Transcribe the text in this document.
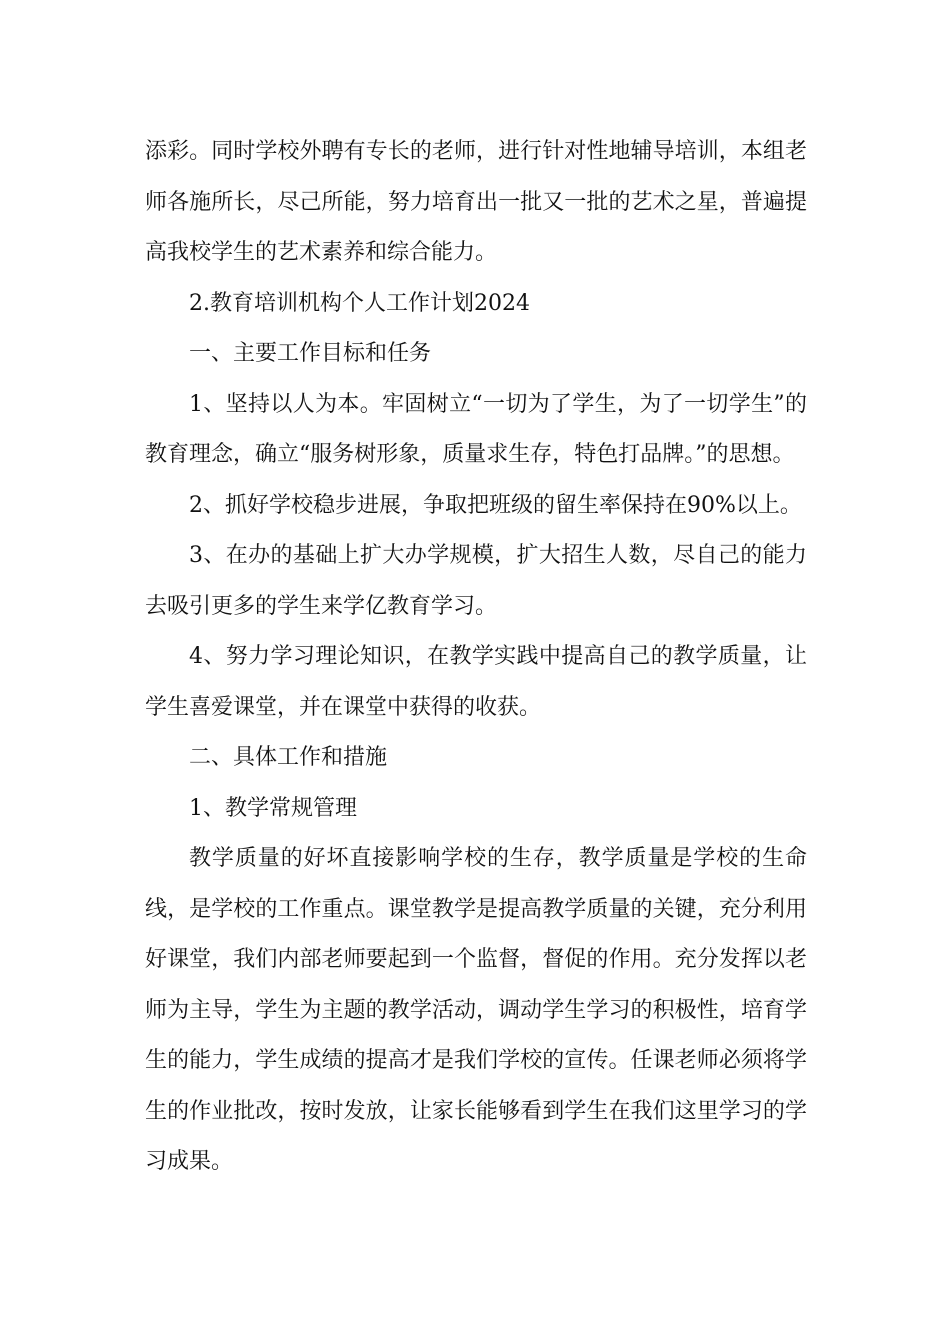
添彩。同时学校外聘有专长的老师，进行针对性地辅导培训，本组老师各施所长，尽己所能，努力培育出一批又一批的艺术之星，普遍提高我校学生的艺术素养和综合能力。

2.教育培训机构个人工作计划2024

一、主要工作目标和任务

1、坚持以人为本。牢固树立“一切为了学生，为了一切学生”的教育理念，确立“服务树形象，质量求生存，特色打品牌。”的思想。

2、抓好学校稳步进展，争取把班级的留生率保持在90%以上。

3、在办的基础上扩大办学规模，扩大招生人数，尽自己的能力去吸引更多的学生来学亿教育学习。

4、努力学习理论知识，在教学实践中提高自己的教学质量，让学生喜爱课堂，并在课堂中获得的收获。

二、具体工作和措施

1、教学常规管理

教学质量的好坏直接影响学校的生存，教学质量是学校的生命线，是学校的工作重点。课堂教学是提高教学质量的关键，充分利用好课堂，我们内部老师要起到一个监督，督促的作用。充分发挥以老师为主导，学生为主题的教学活动，调动学生学习的积极性，培育学生的能力，学生成绩的提高才是我们学校的宣传。任课老师必须将学生的作业批改，按时发放，让家长能够看到学生在我们这里学习的学习成果。
